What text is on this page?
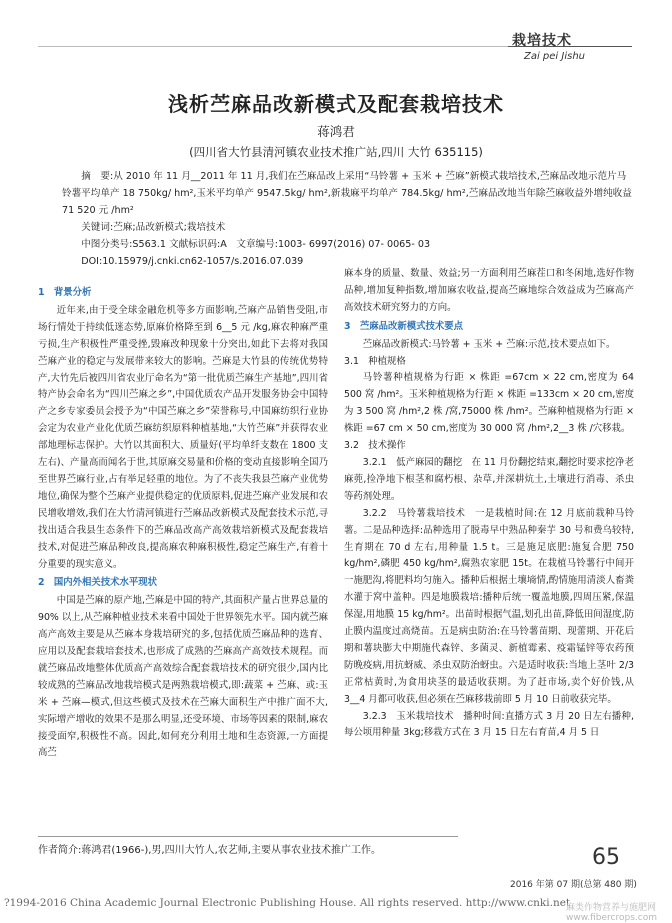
栽培技术
Zai pei Jishu
浅析苎麻品改新模式及配套栽培技术
蒋鸿君
(四川省大竹县清河镇农业技术推广站,四川 大竹 635115)
摘　要:从 2010 年 11 月__2011 年 11 月,我们在苎麻品改上采用“马铃薯 + 玉米 + 苎麻”新模式栽培技术,苎麻品改地示范片马铃薯平均单产 18 750kg/ hm²,玉米平均单产 9547.5kg/ hm²,新栽麻平均单产 784.5kg/ hm²,苎麻品改地当年除苎麻收益外增纯收益 71 520 元 /hm²
关键词:苎麻;品改新模式;栽培技术
中图分类号:S563.1 文献标识码:A　文章编号:1003- 6997(2016) 07- 0065- 03
DOI:10.15979/j.cnki.cn62-1057/s.2016.07.039

1　背景分析

近年来,由于受全球金融危机等多方面影响,苎麻产品销售受阻,市场行情处于持续低迷态势,原麻价格降至到 6__5 元 /kg,麻农种麻严重亏损,生产积极性严重受挫,毁麻改种现象十分突出,如此下去将对我国苎麻产业的稳定与发展带来较大的影响。苎麻是大竹县的传统优势特产,大竹先后被四川省农业厅命名为“第一批优质苎麻生产基地”,四川省特产协会命名为“四川苎麻之乡”,中国优质农产品开发服务协会中国特产之乡专家委员会授予为“中国苎麻之乡”荣誉称号,中国麻纺织行业协会定为农业产业化优质苎麻纺织原料种植基地,“大竹苎麻”并获得农业部地理标志保护。大竹以其面积大、质量好(平均单纤支数在 1800 支左右)、产量高而闻名于世,其原麻交易量和价格的变动直接影响全国乃至世界苎麻行业,占有举足轻重的地位。为了不丧失我县苎麻产业优势地位,确保为整个苎麻产业提供稳定的优质原料,促进苎麻产业发展和农民增收增效,我们在大竹清河镇进行苎麻品改新模式及配套技术示范,寻找出适合我县生态条件下的苎麻品改高产高效栽培新模式及配套栽培技术,对促进苎麻品种改良,提高麻农种麻积极性,稳定苎麻生产,有着十分重要的现实意义。

2　国内外相关技术水平现状

中国是苎麻的原产地,苎麻是中国的特产,其面积产量占世界总量的 90% 以上,从苎麻种植业技术来看中国处于世界领先水平。国内就苎麻高产高效主要是从苎麻本身栽培研究的多,包括优质苎麻品种的选育、应用以及配套栽培套技术,也形成了成熟的苎麻高产高效技术规程。而就苎麻品改地整体优质高产高效综合配套栽培技术的研究很少,国内比较成熟的苎麻品改地栽培模式是两熟栽培模式,即:蔬菜 + 苎麻、或:玉米 + 苎麻—模式,但这些模式及技术在苎麻大面积生产中推广面不大,实际增产增收的效果不是那么明显,还受环境、市场等因素的限制,麻农接受面窄,积极性不高。因此,如何充分利用土地和生态资源,一方面提高苎

麻本身的质量、数量、效益;另一方面利用苎麻茬口和冬闲地,选好作物品种,增加复种指数,增加麻农收益,提高苎麻地综合效益成为苎麻高产高效技术研究努力的方向。

3　苎麻品改新模式技术要点

苎麻品改新模式:马铃薯 + 玉米 + 苎麻:示范,技术要点如下。

3.1　种植规格

马铃薯种植规格为行距 × 株距 =67cm × 22 cm,密度为 64 500 窝 /hm²。玉米种植规格为行距 × 株距 =133cm × 20 cm,密度为 3 500 窝 /hm²,2 株 /窝,75000 株 /hm²。苎麻种植规格为行距 × 株距 =67 cm × 50 cm,密度为 30 000 窝 /hm²,2__3 株 /穴移栽。

3.2　技术操作

3.2.1　低产麻园的翻挖　在 11 月份翻挖结束,翻挖时要求挖净老麻蔸,捡净地下根茎和腐朽根、杂草,并深耕炕土,土壤进行消毒、杀虫等药剂处理。

3.2.2　马铃薯栽培技术　一是栽植时间:在 12 月底前栽种马铃薯。二是品种选择:品种选用了脱毒早中熟品种秦芋 30 号和费乌较特,生育期在 70 d 左右,用种量 1.5 t。三是施足底肥:施复合肥 750 kg/hm²,磷肥 450 kg/hm²,腐熟农家肥 15t。在栽植马铃薯行中间开一施肥沟,将肥料均匀施入。播种后根据土壤墒情,酌情施用清淡人畜粪水灌于窝中盖种。四是地膜栽培:播种后统一覆盖地膜,四周压紧,保温保湿,用地膜 15 kg/hm²。出苗时根据气温,划孔出苗,降低田间湿度,防止膜内温度过高烧苗。五是病虫防治:在马铃薯苗期、现蕾期、开花后期和薯块膨大中期施代森锌、多菌灵、新植霉素、疫霜锰锌等农药预防晚疫病,用抗蚜威、杀虫双防治蚜虫。六是适时收获:当地上茎叶 2/3 正常枯黄时,为食用块茎的最适收获期。为了赶市场,卖个好价钱,从 3__4 月都可收获,但必须在苎麻移栽前即 5 月 10 日前收获完毕。

3.2.3　玉米栽培技术　播种时间:直播方式 3 月 20 日左右播种,每公顷用种量 3kg;移栽方式在 3 月 15 日左右育苗,4 月 5 日

作者简介:蒋鸿君(1966-),男,四川大竹人,农艺师,主要从事农业技术推广工作。	65
2016 年第 07 期(总第 480 期)
?1994-2016 China Academic Journal Electronic Publishing House. All rights reserved. http://www.cnki.net
麻类作物营养与施肥网 www.fibercrops.com
